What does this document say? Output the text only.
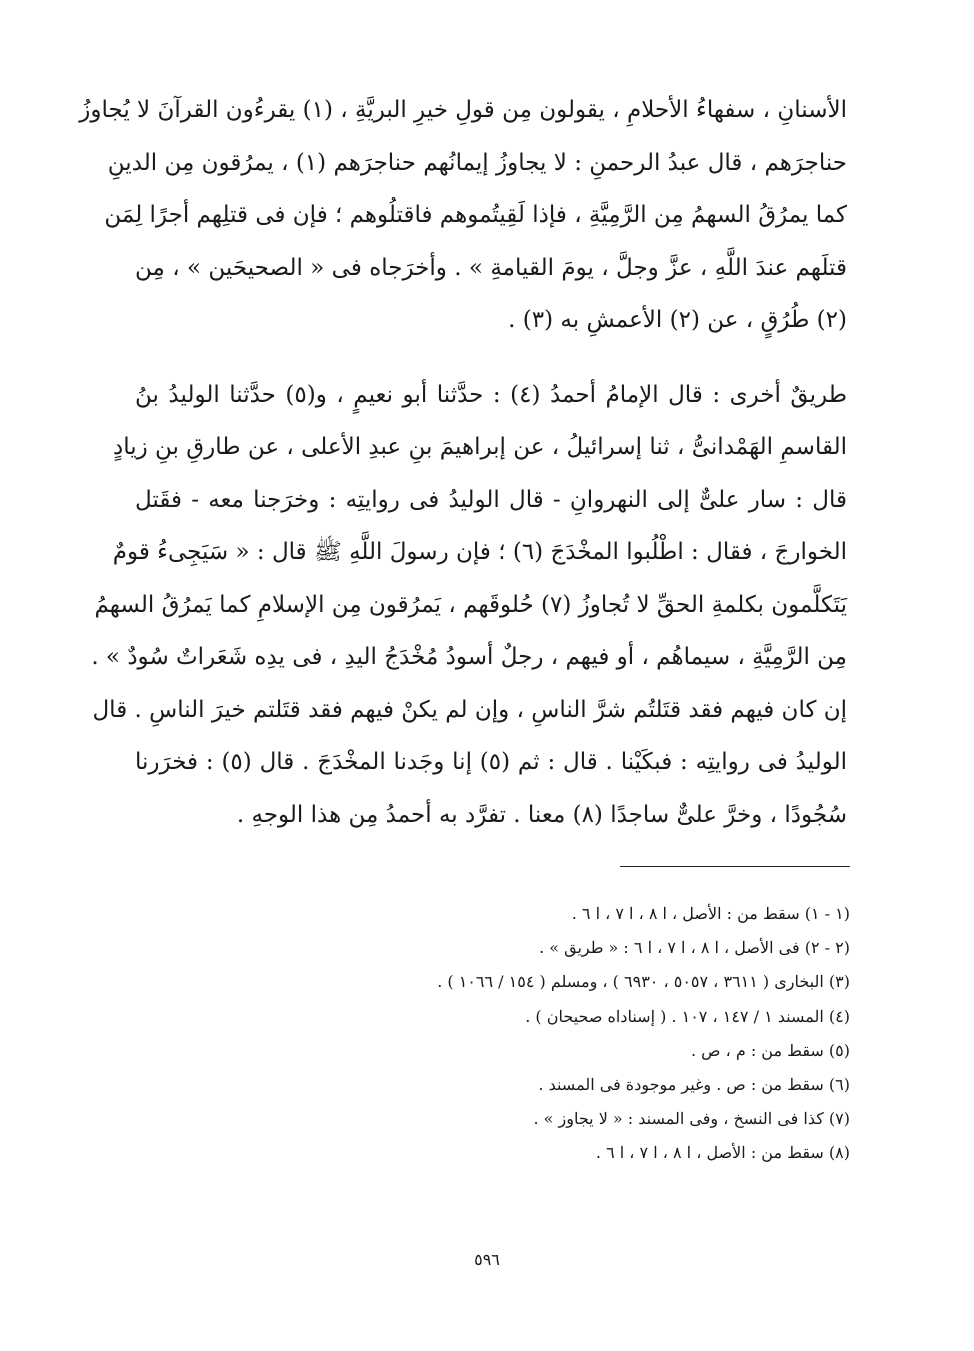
الأسنانِ ، سفهاءُ الأحلامِ ، يقولون مِن قولِ خيرِ البريَّةِ ، (١) يقرءُون القرآنَ لا يُجاوزُ
حناجرَهم ، قال عبدُ الرحمنِ : لا يجاوزُ إيمانُهم حناجرَهم (١) ، يمرُقون مِن الدينِ
كما يمرُقُ السهمُ مِن الرَّمِيَّةِ ، فإذا لَقِيتُموهم فاقتلُوهم ؛ فإن فى قتلِهم أجرًا لِمَن
قتلَهم عندَ اللَّهِ ، عزَّ وجلَّ ، يومَ القيامةِ » . وأخرَجاه فى « الصحيحَين » ، مِن
(٢) طُرُقٍ ، عن (٢) الأعمشِ به (٣) .
طريقٌ أخرى : قال الإمامُ أحمدُ (٤) : حدَّثنا أبو نعيمٍ ، و(٥) حدَّثنا الوليدُ بنُ
القاسمِ الهَمْدانىُّ ، ثنا إسرائيلُ ، عن إبراهيمَ بنِ عبدِ الأعلى ، عن طارقِ بنِ زيادٍ
قال : سار علىٌّ إلى النهروانِ - قال الوليدُ فى روايتِه : وخرَجنا معه - فقَتل
الخوارجَ ، فقال : اطْلُبوا المخْدَجَ (٦) ؛ فإن رسولَ اللَّهِ ﷺ قال : « سَيَجِىءُ قومٌ
يَتَكلَّمون بكلمةِ الحقِّ لا تُجاوزُ (٧) حُلوقَهم ، يَمرُقون مِن الإسلامِ كما يَمرُقُ السهمُ
مِن الرَّمِيَّةِ ، سيماهُم ، أو فيهم ، رجلٌ أسودُ مُخْدَجُ اليدِ ، فى يدِه شَعَراتٌ سُودٌ » .
إن كان فيهم فقد قتَلتُم شرَّ الناسِ ، وإن لم يكنْ فيهم فقد قتَلتم خيرَ الناسِ . قال
الوليدُ فى روايتِه : فبكَيْنا . قال : ثم (٥) إنا وجَدنا المخْدَجَ . قال (٥) : فخرَرنا
سُجُودًا ، وخرَّ علىٌّ ساجدًا (٨) معنا . تفرَّد به أحمدُ مِن هذا الوجهِ .
(١ - ١) سقط من : الأصل ، ا ٨ ، ا ٧ ، ا ٦ .
(٢ - ٢) فى الأصل ، ا ٨ ، ا ٧ ، ا ٦ : « طريق » .
(٣) البخارى ( ٣٦١١ ، ٥٠٥٧ ، ٦٩٣٠ ) ، ومسلم ( ١٥٤ / ١٠٦٦ ) .
(٤) المسند ١ / ١٤٧ ، ١٠٧ . ( إسناداه صحيحان ) .
(٥) سقط من : م ، ص .
(٦) سقط من : ص . وغير موجودة فى المسند .
(٧) كذا فى النسخ ، وفى المسند : « لا يجاوز » .
(٨) سقط من : الأصل ، ا ٨ ، ا ٧ ، ا ٦ .
٥٩٦
